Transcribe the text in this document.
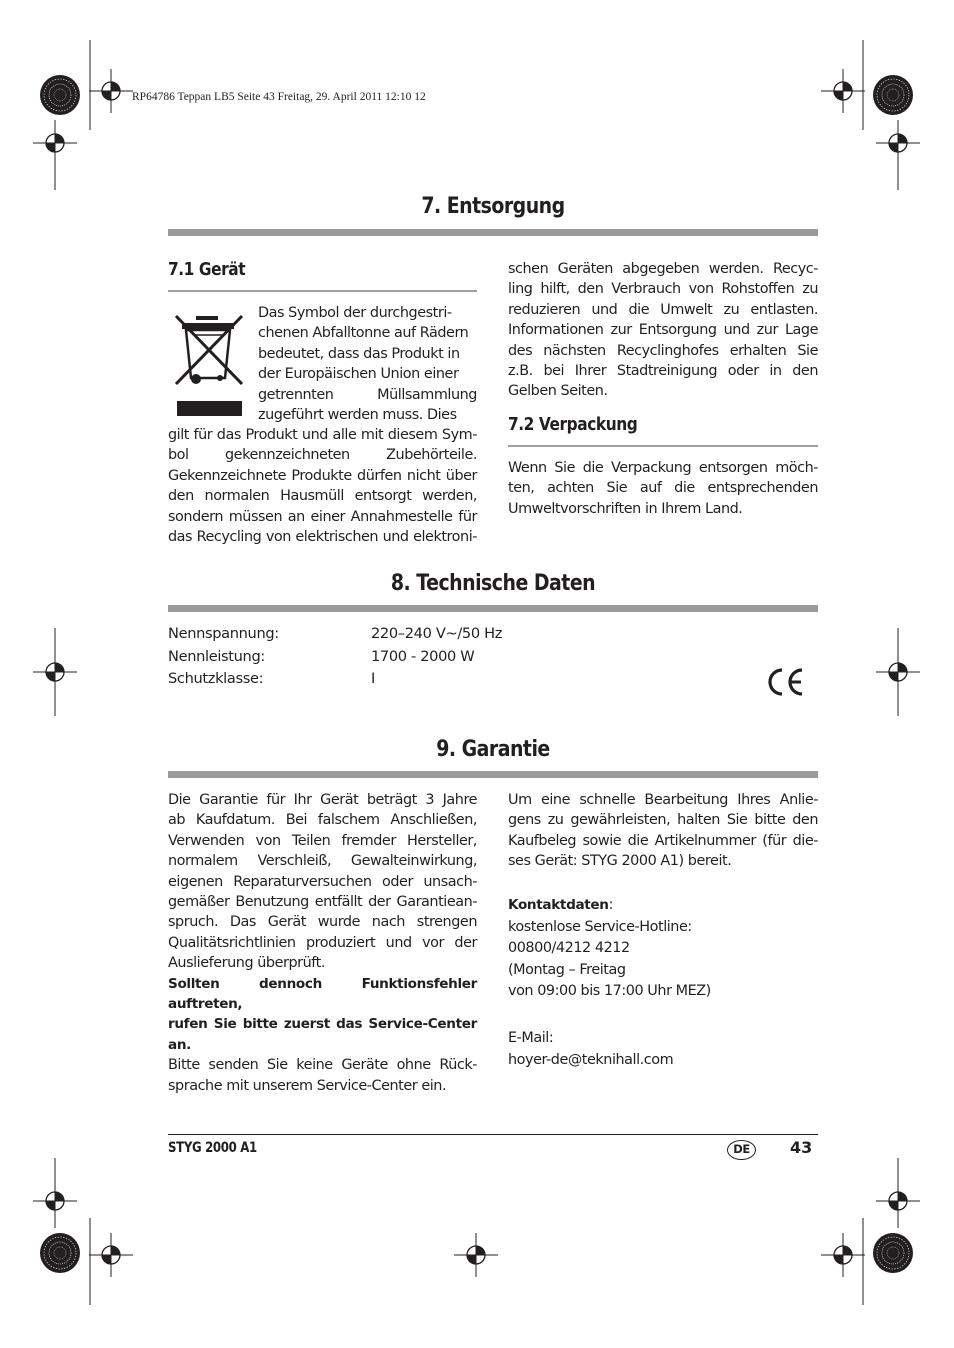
RP64786 Teppan LB5 Seite 43 Freitag, 29. April 2011 12:10 12
7. Entsorgung
7.1 Gerät
Das Symbol der durchgestri-
chenen Abfalltonne auf Rädern
bedeutet, dass das Produkt in
der Europäischen Union einer
getrennten Müllsammlung
zugeführt werden muss. Dies
gilt für das Produkt und alle mit diesem Sym-
bol gekennzeichneten Zubehörteile.
Gekennzeichnete Produkte dürfen nicht über
den normalen Hausmüll entsorgt werden,
sondern müssen an einer Annahmestelle für
das Recycling von elektrischen und elektroni-
schen Geräten abgegeben werden. Recyc-
ling hilft, den Verbrauch von Rohstoffen zu
reduzieren und die Umwelt zu entlasten.
Informationen zur Entsorgung und zur Lage
des nächsten Recyclinghofes erhalten Sie
z.B. bei Ihrer Stadtreinigung oder in den
Gelben Seiten.
7.2 Verpackung
Wenn Sie die Verpackung entsorgen möch-
ten, achten Sie auf die entsprechenden
Umweltvorschriften in Ihrem Land.
8. Technische Daten
Nennspannung:	220–240 V~/50 Hz
Nennleistung:	1700 - 2000 W
Schutzklasse:	I
9. Garantie
Die Garantie für Ihr Gerät beträgt 3 Jahre
ab Kaufdatum. Bei falschem Anschließen,
Verwenden von Teilen fremder Hersteller,
normalem Verschleiß, Gewalteinwirkung,
eigenen Reparaturversuchen oder unsach-
gemäßer Benutzung entfällt der Garantiean-
spruch. Das Gerät wurde nach strengen
Qualitätsrichtlinien produziert und vor der
Auslieferung überprüft.
Sollten dennoch Funktionsfehler auftreten,
rufen Sie bitte zuerst das Service-Center
an.
Bitte senden Sie keine Geräte ohne Rück-
sprache mit unserem Service-Center ein.
Um eine schnelle Bearbeitung Ihres Anlie-
gens zu gewährleisten, halten Sie bitte den
Kaufbeleg sowie die Artikelnummer (für die-
ses Gerät: STYG 2000 A1) bereit.
Kontaktdaten:
kostenlose Service-Hotline:
00800/4212 4212
(Montag – Freitag
von 09:00 bis 17:00 Uhr MEZ)
E-Mail:
hoyer-de@teknihall.com
STYG 2000 A1	DE	43
